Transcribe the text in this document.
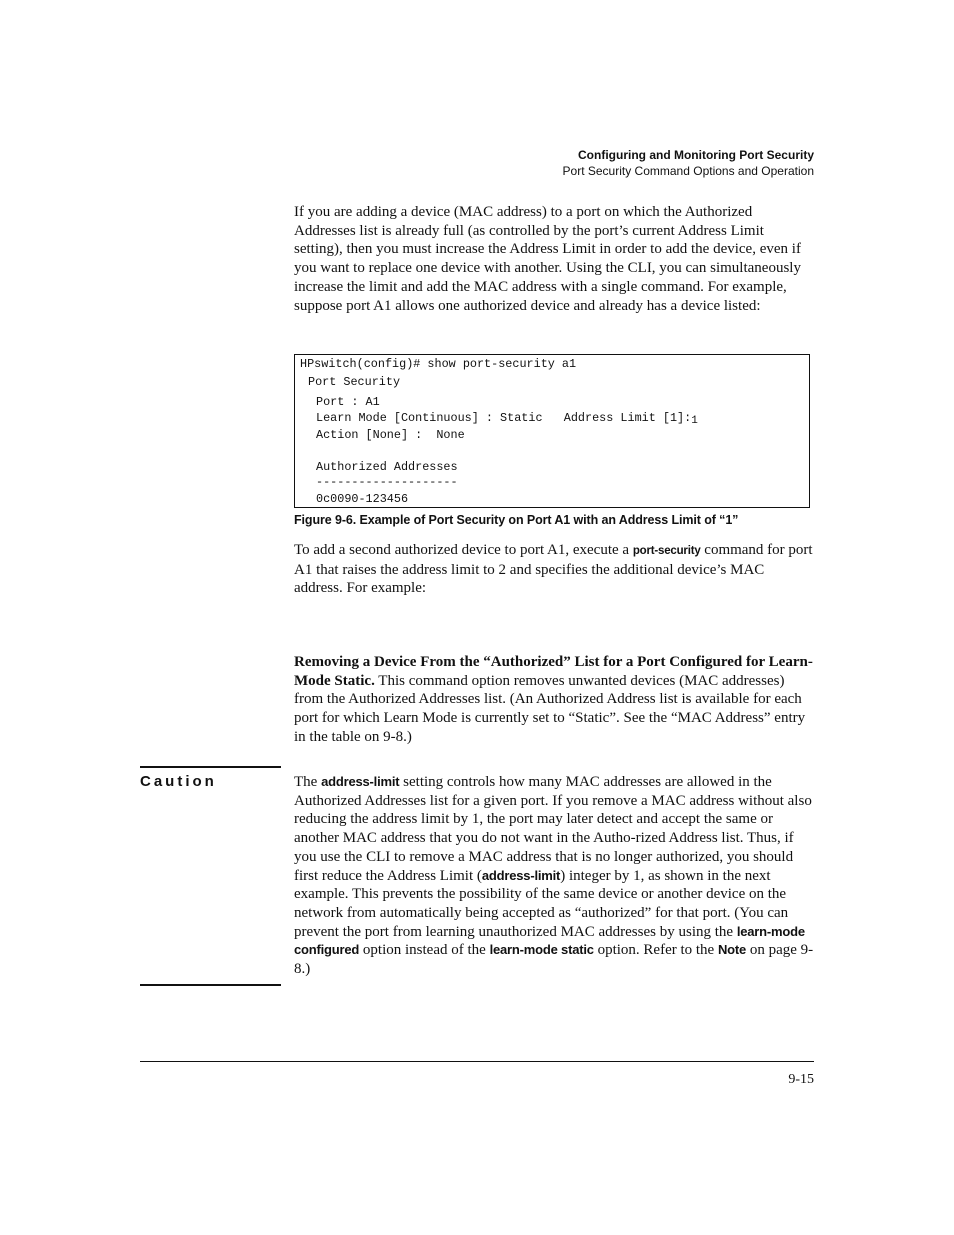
Configuring and Monitoring Port Security
Port Security Command Options and Operation

If you are adding a device (MAC address) to a port on which the Authorized Addresses list is already full (as controlled by the port’s current Address Limit setting), then you must increase the Address Limit in order to add the device, even if you want to replace one device with another. Using the CLI, you can simultaneously increase the limit and add the MAC address with a single command. For example, suppose port A1 allows one authorized device and already has a device listed:

HPswitch(config)# show port-security a1
Port Security
Port : A1
Learn Mode [Continuous] : Static   Address Limit [1]:1
Action [None] :  None
Authorized Addresses
--------------------
0c0090-123456
Figure 9-6. Example of Port Security on Port A1 with an Address Limit of “1”

To add a second authorized device to port A1, execute a port-security command for port A1 that raises the address limit to 2 and specifies the additional device’s MAC address. For example:

Removing a Device From the “Authorized” List for a Port Configured for Learn-Mode Static. This command option removes unwanted devices (MAC addresses) from the Authorized Addresses list. (An Authorized Address list is available for each port for which Learn Mode is currently set to “Static”. See the “MAC Address” entry in the table on 9-8.)

Caution	The address-limit setting controls how many MAC addresses are allowed in the Authorized Addresses list for a given port. If you remove a MAC address without also reducing the address limit by 1, the port may later detect and accept the same or another MAC address that you do not want in the Autho-rized Address list. Thus, if you use the CLI to remove a MAC address that is no longer authorized, you should first reduce the Address Limit (address-limit) integer by 1, as shown in the next example. This prevents the possibility of the same device or another device on the network from automatically being accepted as “authorized” for that port. (You can prevent the port from learning unauthorized MAC addresses by using the learn-mode configured option instead of the learn-mode static option. Refer to the Note on page 9-8.)

9-15
